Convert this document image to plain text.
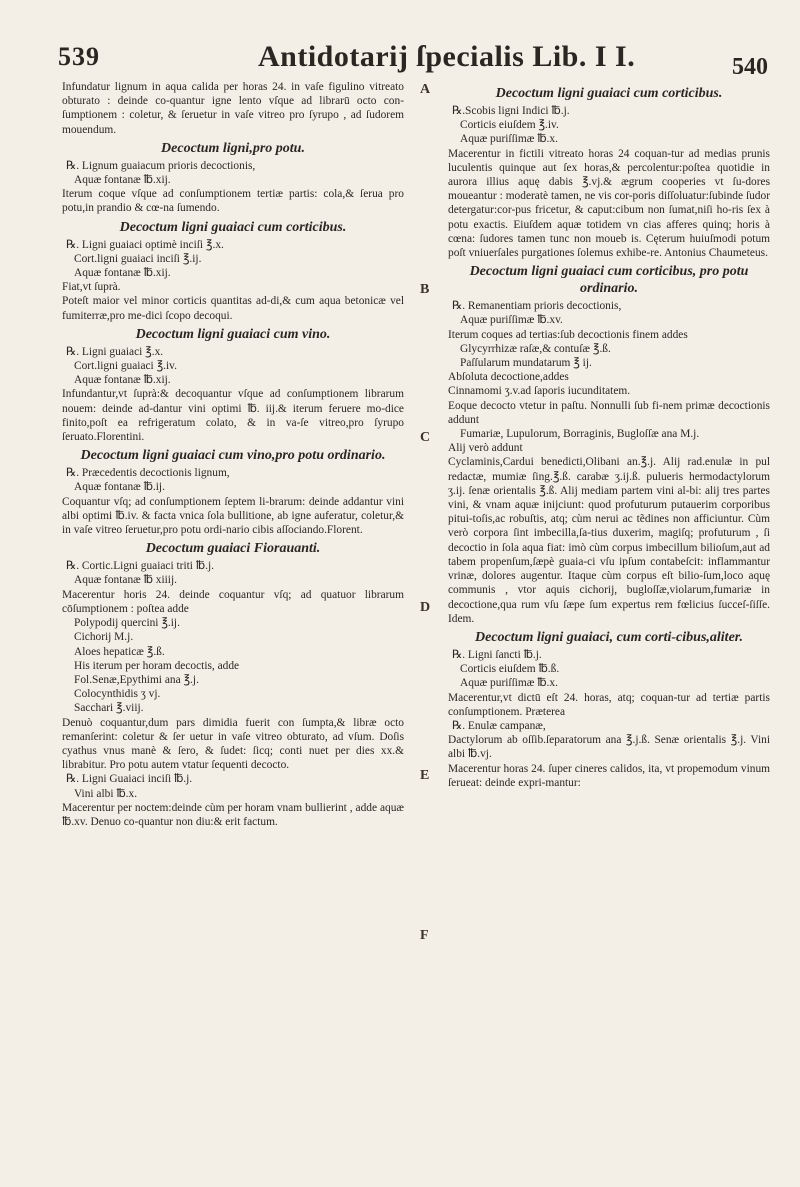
539	Antidotarij ſpecialis Lib. I I.	540
A
B
C
D
E
F

Infundatur lignum in aqua calida per horas 24. in vaſe figulino vitreato obturato : deinde co-quantur igne lento vſque ad librarū octo con-ſumptionem : coletur, & ſeruetur in vaſe vitreo pro ſyrupo , ad ſudorem mouendum.

Decoctum ligni,pro potu.

℞. Lignum guaiacum prioris decoctionis,

Aquæ fontanæ ℔.xij.

Iterum coque vſque ad conſumptionem tertiæ partis: cola,& ſerua pro potu,in prandio & cœ-na ſumendo.

Decoctum ligni guaiaci cum corticibus.

℞. Ligni guaiaci optimè inciſi ℥.x.

Cort.ligni guaiaci inciſi ℥.ij.

Aquæ fontanæ ℔.xij.

Fiat,vt ſuprà.

Poteſt maior vel minor corticis quantitas ad-di,& cum aqua betonicæ vel fumiterræ,pro me-dici ſcopo decoqui.

Decoctum ligni guaiaci cum vino.

℞. Ligni guaiaci ℥.x.

Cort.ligni guaiaci ℥.iv.

Aquæ fontanæ ℔.xij.

Infundantur,vt ſuprà:& decoquantur vſque ad conſumptionem librarum nouem: deinde ad-dantur vini optimi ℔. iij.& iterum feruere mo-dice finito,poſt ea refrigeratum colato, & in va-ſe vitreo,pro ſyrupo ſeruato.Florentini.

Decoctum ligni guaiaci cum vino,pro potu ordinario.

℞. Præcedentis decoctionis lignum,

Aquæ fontanæ ℔.ij.

Coquantur vſq; ad conſumptionem ſeptem li-brarum: deinde addantur vini albi optimi ℔.iv. & facta vnica ſola bullitione, ab igne auferatur, coletur,& in vaſe vitreo ſeruetur,pro potu ordi-nario cibis aſſociando.Florent.

Decoctum guaiaci Fiorauanti.

℞. Cortic.Ligni guaiaci triti ℔.j.

Aquæ fontanæ ℔ xiiij.

Macerentur horis 24. deinde coquantur vſq; ad quatuor librarum cōſumptionem : poſtea adde

Polypodij quercini ℥.ij.

Cichorij M.j.

Aloes hepaticæ ℥.ß.

His iterum per horam decoctis, adde

Fol.Senæ,Epythimi ana ℥.j.

Colocynthidis ʒ vj.

Sacchari ℥.viij.

Denuò coquantur,dum pars dimidia fuerit con ſumpta,& libræ octo remanſerint: coletur & ſer uetur in vaſe vitreo obturato, ad vſum. Doſis cyathus vnus manè & ſero, & ſudet: ſicq; conti nuet per dies xx.& librabitur. Pro potu autem vtatur ſequenti decocto.

℞. Ligni Guaiaci inciſi ℔.j.

Vini albi ℔.x.

Macerentur per noctem:deinde cùm per horam vnam bullierint , adde aquæ ℔.xv. Denuo co-quantur non diu:& erit factum.

Decoctum ligni guaiaci cum corticibus.

℞.Scobis ligni Indici ℔.j.

Corticis eiuſdem ℥.iv.

Aquæ puriſſimæ ℔.x.

Macerentur in fictili vitreato horas 24 coquan-tur ad medias prunis luculentis quinque aut ſex horas,& percolentur:poſtea quotidie in aurora illius aquę dabis ℥.vj.& ægrum cooperies vt ſu-dores moueantur : moderatè tamen, ne vis cor-poris diſſoluatur:ſubinde ſudor detergatur:cor-pus fricetur, & caput:cibum non ſumat,niſi ho-ris ſex à potu exactis. Eiuſdem aquæ totidem vn cias afferes quinq; horis à cœna: ſudores tamen tunc non moueb is. Cęterum huiuſmodi potum poſt vniuerſales purgationes ſolemus exhibe-re. Antonius Chaumeteus.

Decoctum ligni guaiaci cum corticibus, pro potu ordinario.

℞. Remanentiam prioris decoctionis,

Aquæ puriſſimæ ℔.xv.

Iterum coques ad tertias:ſub decoctionis finem addes

Glycyrrhizæ raſæ,& contuſæ ℥.ß.

Paſſularum mundatarum ℥ ij.

Abſoluta decoctione,addes

Cinnamomi ʒ.v.ad ſaporis iucunditatem.

Eoque decocto vtetur in paſtu. Nonnulli ſub fi-nem primæ decoctionis addunt

Fumariæ, Lupulorum, Borraginis, Bugloſſæ ana M.j.

Alij verò addunt

Cyclaminis,Cardui benedicti,Olibani an.℥.j. Alij rad.enulæ in pul redactæ, mumiæ ſing.℥.ß. carabæ ʒ.ij.ß. pulueris hermodactylorum ʒ.ij. ſenæ orientalis ℥.ß. Alij mediam partem vini al-bi: alij tres partes vini, & vnam aquæ inijciunt: quod profuturum putauerim corporibus pitui-toſis,ac robuſtis, atq; cùm nerui ac tẽdines non afficiuntur. Cùm verò corpora ſint imbecilla,ſa-tius duxerim, magiſq; profuturum , ſi decoctio in ſola aqua fiat: imò cùm corpus imbecillum bilioſum,aut ad tabem propenſum,ſæpè guaia-ci vſu ipſum contabeſcit: inflammantur vrinæ, dolores augentur. Itaque cùm corpus eſt bilio-ſum,loco aquę communis , vtor aquis cichorij, bugloſſæ,violarum,fumariæ in decoctione,qua rum vſu ſæpe ſum expertus rem fœlicius ſucceſ-ſiſſe. Idem.

Decoctum ligni guaiaci, cum corti-cibus,aliter.

℞. Ligni ſancti ℔.j.

Corticis eiuſdem ℔.ß.

Aquæ puriſſimæ ℔.x.

Macerentur,vt dictū eſt 24. horas, atq; coquan-tur ad tertiæ partis conſumptionem. Præterea

℞. Enulæ campanæ,

Dactylorum ab oſſib.ſeparatorum ana ℥.j.ß. Senæ orientalis ℥.j. Vini albi ℔.vj.

Macerentur horas 24. ſuper cineres calidos, ita, vt propemodum vinum ſerueat: deinde expri-mantur:
